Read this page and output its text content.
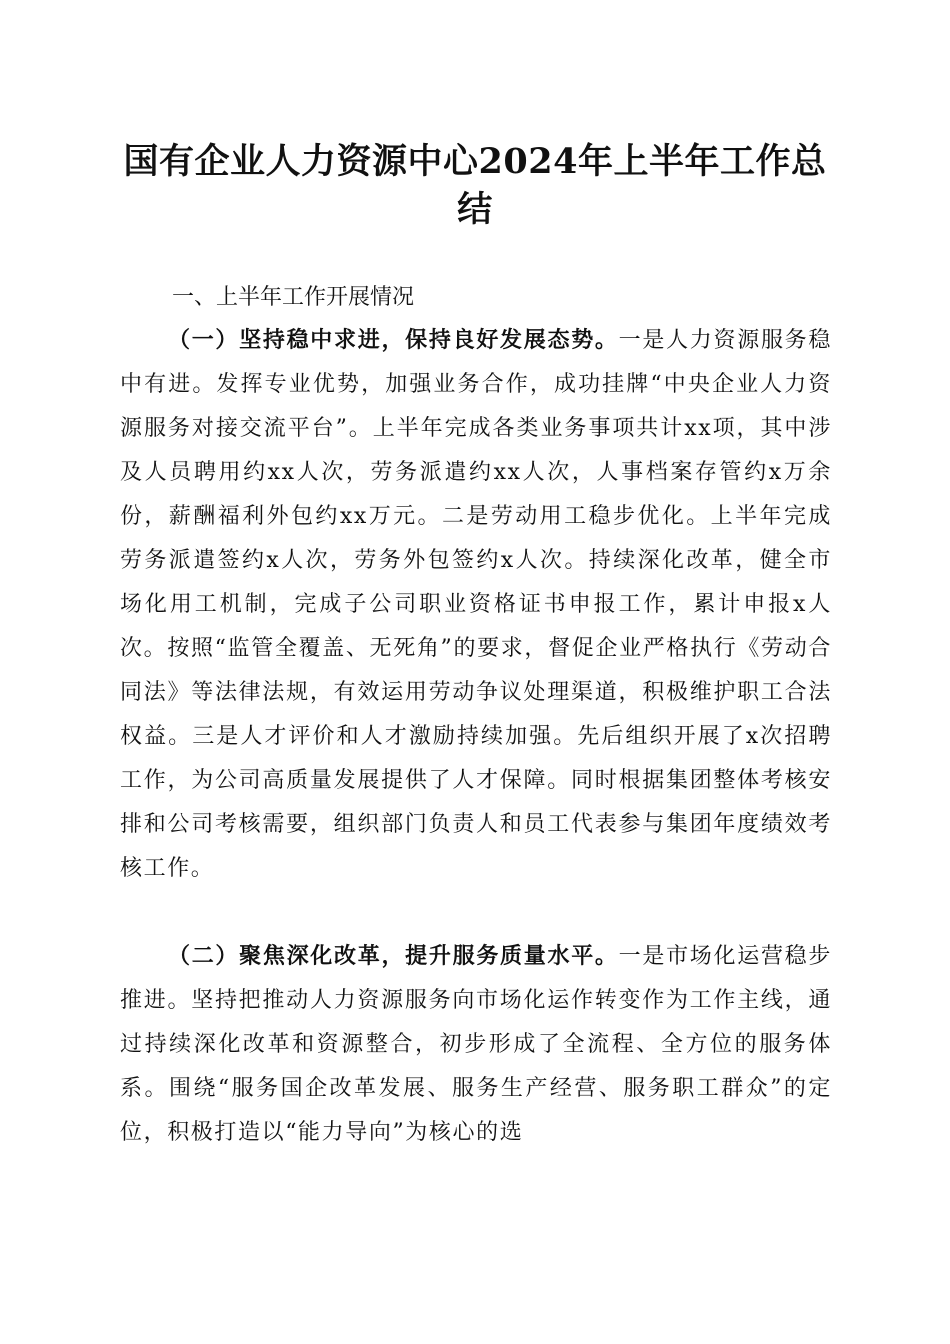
国有企业人力资源中心2024年上半年工作总结
一、上半年工作开展情况

（一）坚持稳中求进，保持良好发展态势。一是人力资源服务稳中有进。发挥专业优势，加强业务合作，成功挂牌“中央企业人力资源服务对接交流平台”。上半年完成各类业务事项共计xx项，其中涉及人员聘用约xx人次，劳务派遣约xx人次，人事档案存管约x万余份，薪酬福利外包约xx万元。二是劳动用工稳步优化。上半年完成劳务派遣签约x人次，劳务外包签约x人次。持续深化改革，健全市场化用工机制，完成子公司职业资格证书申报工作，累计申报x人次。按照“监管全覆盖、无死角”的要求，督促企业严格执行《劳动合同法》等法律法规，有效运用劳动争议处理渠道，积极维护职工合法权益。三是人才评价和人才激励持续加强。先后组织开展了x次招聘工作，为公司高质量发展提供了人才保障。同时根据集团整体考核安排和公司考核需要，组织部门负责人和员工代表参与集团年度绩效考核工作。

（二）聚焦深化改革，提升服务质量水平。一是市场化运营稳步推进。坚持把推动人力资源服务向市场化运作转变作为工作主线，通过持续深化改革和资源整合，初步形成了全流程、全方位的服务体系。围绕“服务国企改革发展、服务生产经营、服务职工群众”的定位，积极打造以“能力导向”为核心的选
